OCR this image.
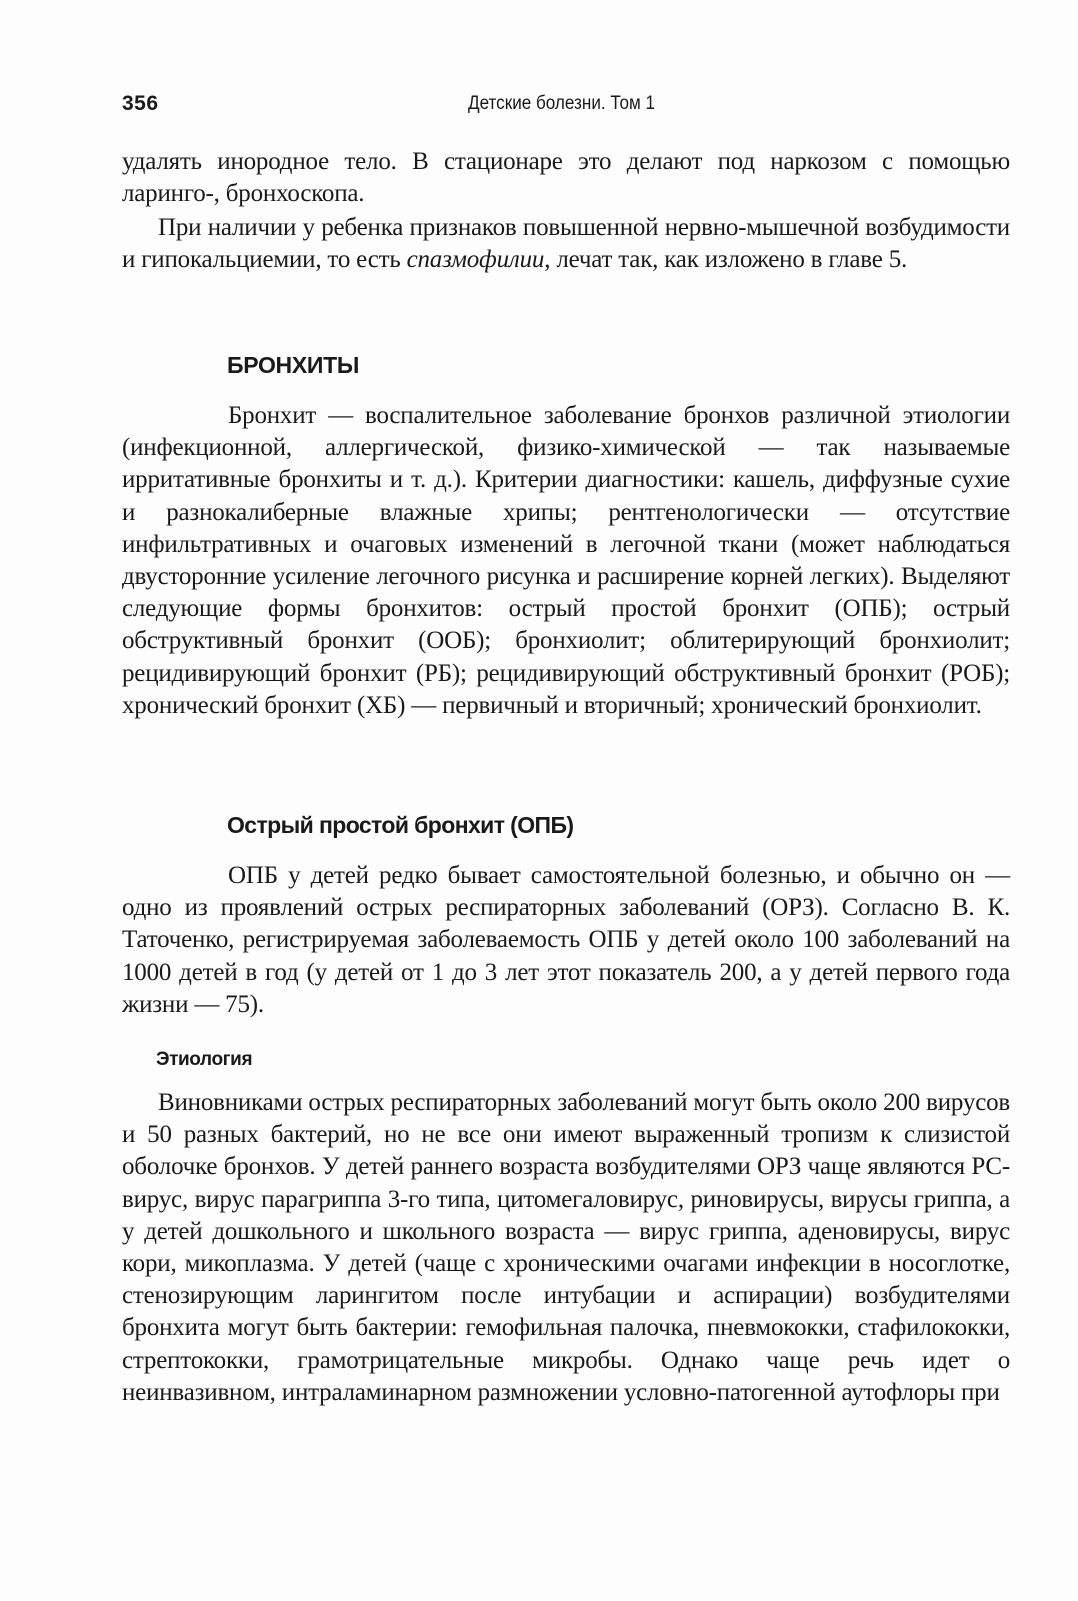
356	Детские болезни. Том 1

удалять инородное тело. В стационаре это делают под наркозом с помощью ларинго-, бронхоскопа.

При наличии у ребенка признаков повышенной нервно-мышечной возбудимости и гипокальциемии, то есть спазмофилии, лечат так, как изложено в главе 5.

БРОНХИТЫ

Бронхит — воспалительное заболевание бронхов различной этиологии (инфекционной, аллергической, физико-химической — так называемые ирритативные бронхиты и т. д.). Критерии диагностики: кашель, диффузные сухие и разнокалиберные влажные хрипы; рентгенологически — отсутствие инфильтративных и очаговых изменений в легочной ткани (может наблюдаться двусторонние усиление легочного рисунка и расширение корней легких). Выделяют следующие формы бронхитов: острый простой бронхит (ОПБ); острый обструктивный бронхит (ООБ); бронхиолит; облитерирующий бронхиолит; рецидивирующий бронхит (РБ); рецидивирующий обструктивный бронхит (РОБ); хронический бронхит (ХБ) — первичный и вторичный; хронический бронхиолит.

Острый простой бронхит (ОПБ)

ОПБ у детей редко бывает самостоятельной болезнью, и обычно он — одно из проявлений острых респираторных заболеваний (ОРЗ). Согласно В. К. Таточенко, регистрируемая заболеваемость ОПБ у детей около 100 заболеваний на 1000 детей в год (у детей от 1 до 3 лет этот показатель 200, а у детей первого года жизни — 75).

Этиология

Виновниками острых респираторных заболеваний могут быть около 200 вирусов и 50 разных бактерий, но не все они имеют выраженный тропизм к слизистой оболочке бронхов. У детей раннего возраста возбудителями ОРЗ чаще являются РС-вирус, вирус парагриппа 3-го типа, цитомегаловирус, риновирусы, вирусы гриппа, а у детей дошкольного и школьного возраста — вирус гриппа, аденовирусы, вирус кори, микоплазма. У детей (чаще с хроническими очагами инфекции в носоглотке, стенозирующим ларингитом после интубации и аспирации) возбудителями бронхита могут быть бактерии: гемофильная палочка, пневмококки, стафилококки, стрептококки, грамотрицательные микробы. Однако чаще речь идет о неинвазивном, интраламинарном размножении условно-патогенной аутофлоры при
